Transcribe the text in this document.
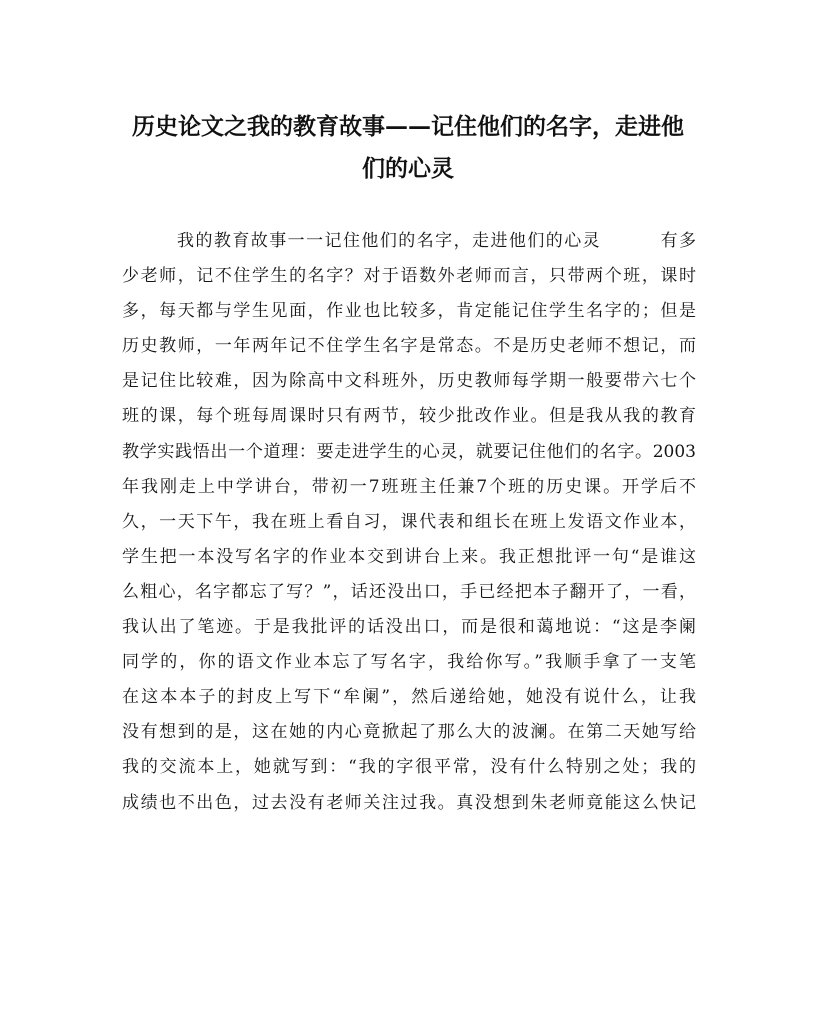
历史论文之我的教育故事——记住他们的名字，走进他
们的心灵
我的教育故事一一记住他们的名字，走进他们的心灵	有多
少老师，记不住学生的名字？对于语数外老师而言，只带两个班，课时
多，每天都与学生见面，作业也比较多，肯定能记住学生名字的；但是
历史教师，一年两年记不住学生名字是常态。不是历史老师不想记，而
是记住比较难，因为除高中文科班外，历史教师每学期一般要带六七个
班的课，每个班每周课时只有两节，较少批改作业。但是我从我的教育
教学实践悟出一个道理：要走进学生的心灵，就要记住他们的名字。2003
年我刚走上中学讲台，带初一7班班主任兼7个班的历史课。开学后不
久，一天下午，我在班上看自习，课代表和组长在班上发语文作业本，
学生把一本没写名字的作业本交到讲台上来。我正想批评一句“是谁这
么粗心，名字都忘了写？”，话还没出口，手已经把本子翻开了，一看，
我认出了笔迹。于是我批评的话没出口，而是很和蔼地说：“这是李阑
同学的，你的语文作业本忘了写名字，我给你写。”我顺手拿了一支笔
在这本本子的封皮上写下“牟阑”，然后递给她，她没有说什么，让我
没有想到的是，这在她的内心竟掀起了那么大的波澜。在第二天她写给
我的交流本上，她就写到：“我的字很平常，没有什么特别之处；我的
成绩也不出色，过去没有老师关注过我。真没想到朱老师竟能这么快记
